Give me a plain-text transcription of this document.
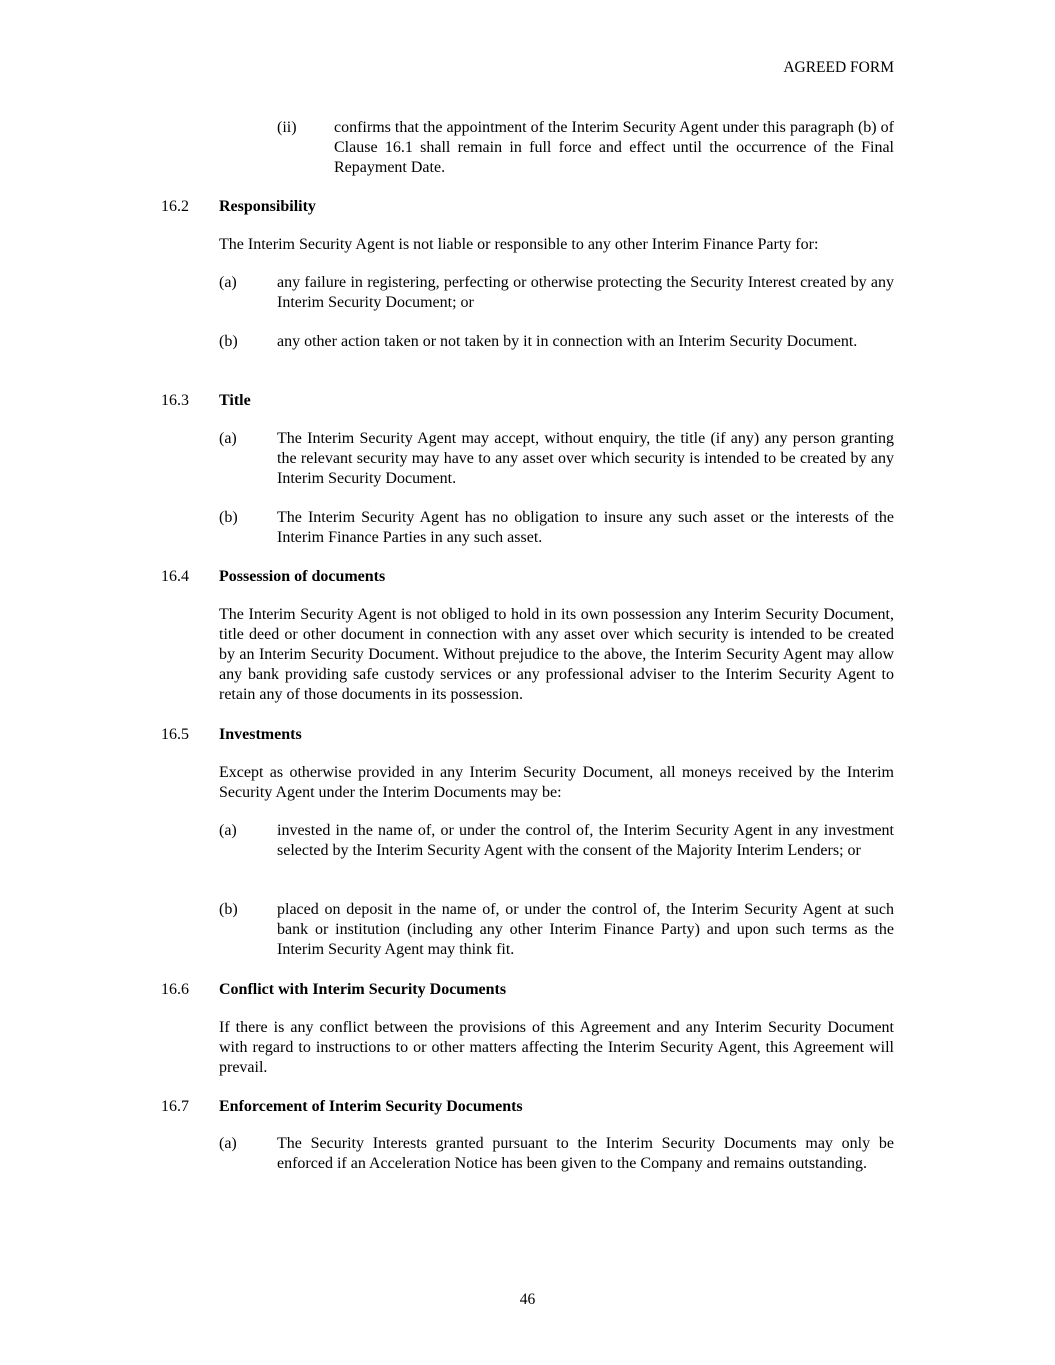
AGREED FORM
(ii) confirms that the appointment of the Interim Security Agent under this paragraph (b) of Clause 16.1 shall remain in full force and effect until the occurrence of the Final Repayment Date.
16.2 Responsibility
The Interim Security Agent is not liable or responsible to any other Interim Finance Party for:
(a)	any failure in registering, perfecting or otherwise protecting the Security Interest created by any Interim Security Document; or
(b) any other action taken or not taken by it in connection with an Interim Security Document.
16.3 Title
(a)	The Interim Security Agent may accept, without enquiry, the title (if any) any person granting the relevant security may have to any asset over which security is intended to be created by any Interim Security Document.
(b) The Interim Security Agent has no obligation to insure any such asset or the interests of the Interim Finance Parties in any such asset.
16.4 Possession of documents
The Interim Security Agent is not obliged to hold in its own possession any Interim Security Document, title deed or other document in connection with any asset over which security is intended to be created by an Interim Security Document. Without prejudice to the above, the Interim Security Agent may allow any bank providing safe custody services or any professional adviser to the Interim Security Agent to retain any of those documents in its possession.
16.5 Investments
Except as otherwise provided in any Interim Security Document, all moneys received by the Interim Security Agent under the Interim Documents may be:
(a)	invested in the name of, or under the control of, the Interim Security Agent in any investment selected by the Interim Security Agent with the consent of the Majority Interim Lenders; or
(b) placed on deposit in the name of, or under the control of, the Interim Security Agent at such bank or institution (including any other Interim Finance Party) and upon such terms as the Interim Security Agent may think fit.
16.6 Conflict with Interim Security Documents
If there is any conflict between the provisions of this Agreement and any Interim Security Document with regard to instructions to or other matters affecting the Interim Security Agent, this Agreement will prevail.
16.7 Enforcement of Interim Security Documents
(a)	The Security Interests granted pursuant to the Interim Security Documents may only be enforced if an Acceleration Notice has been given to the Company and remains outstanding.
46
